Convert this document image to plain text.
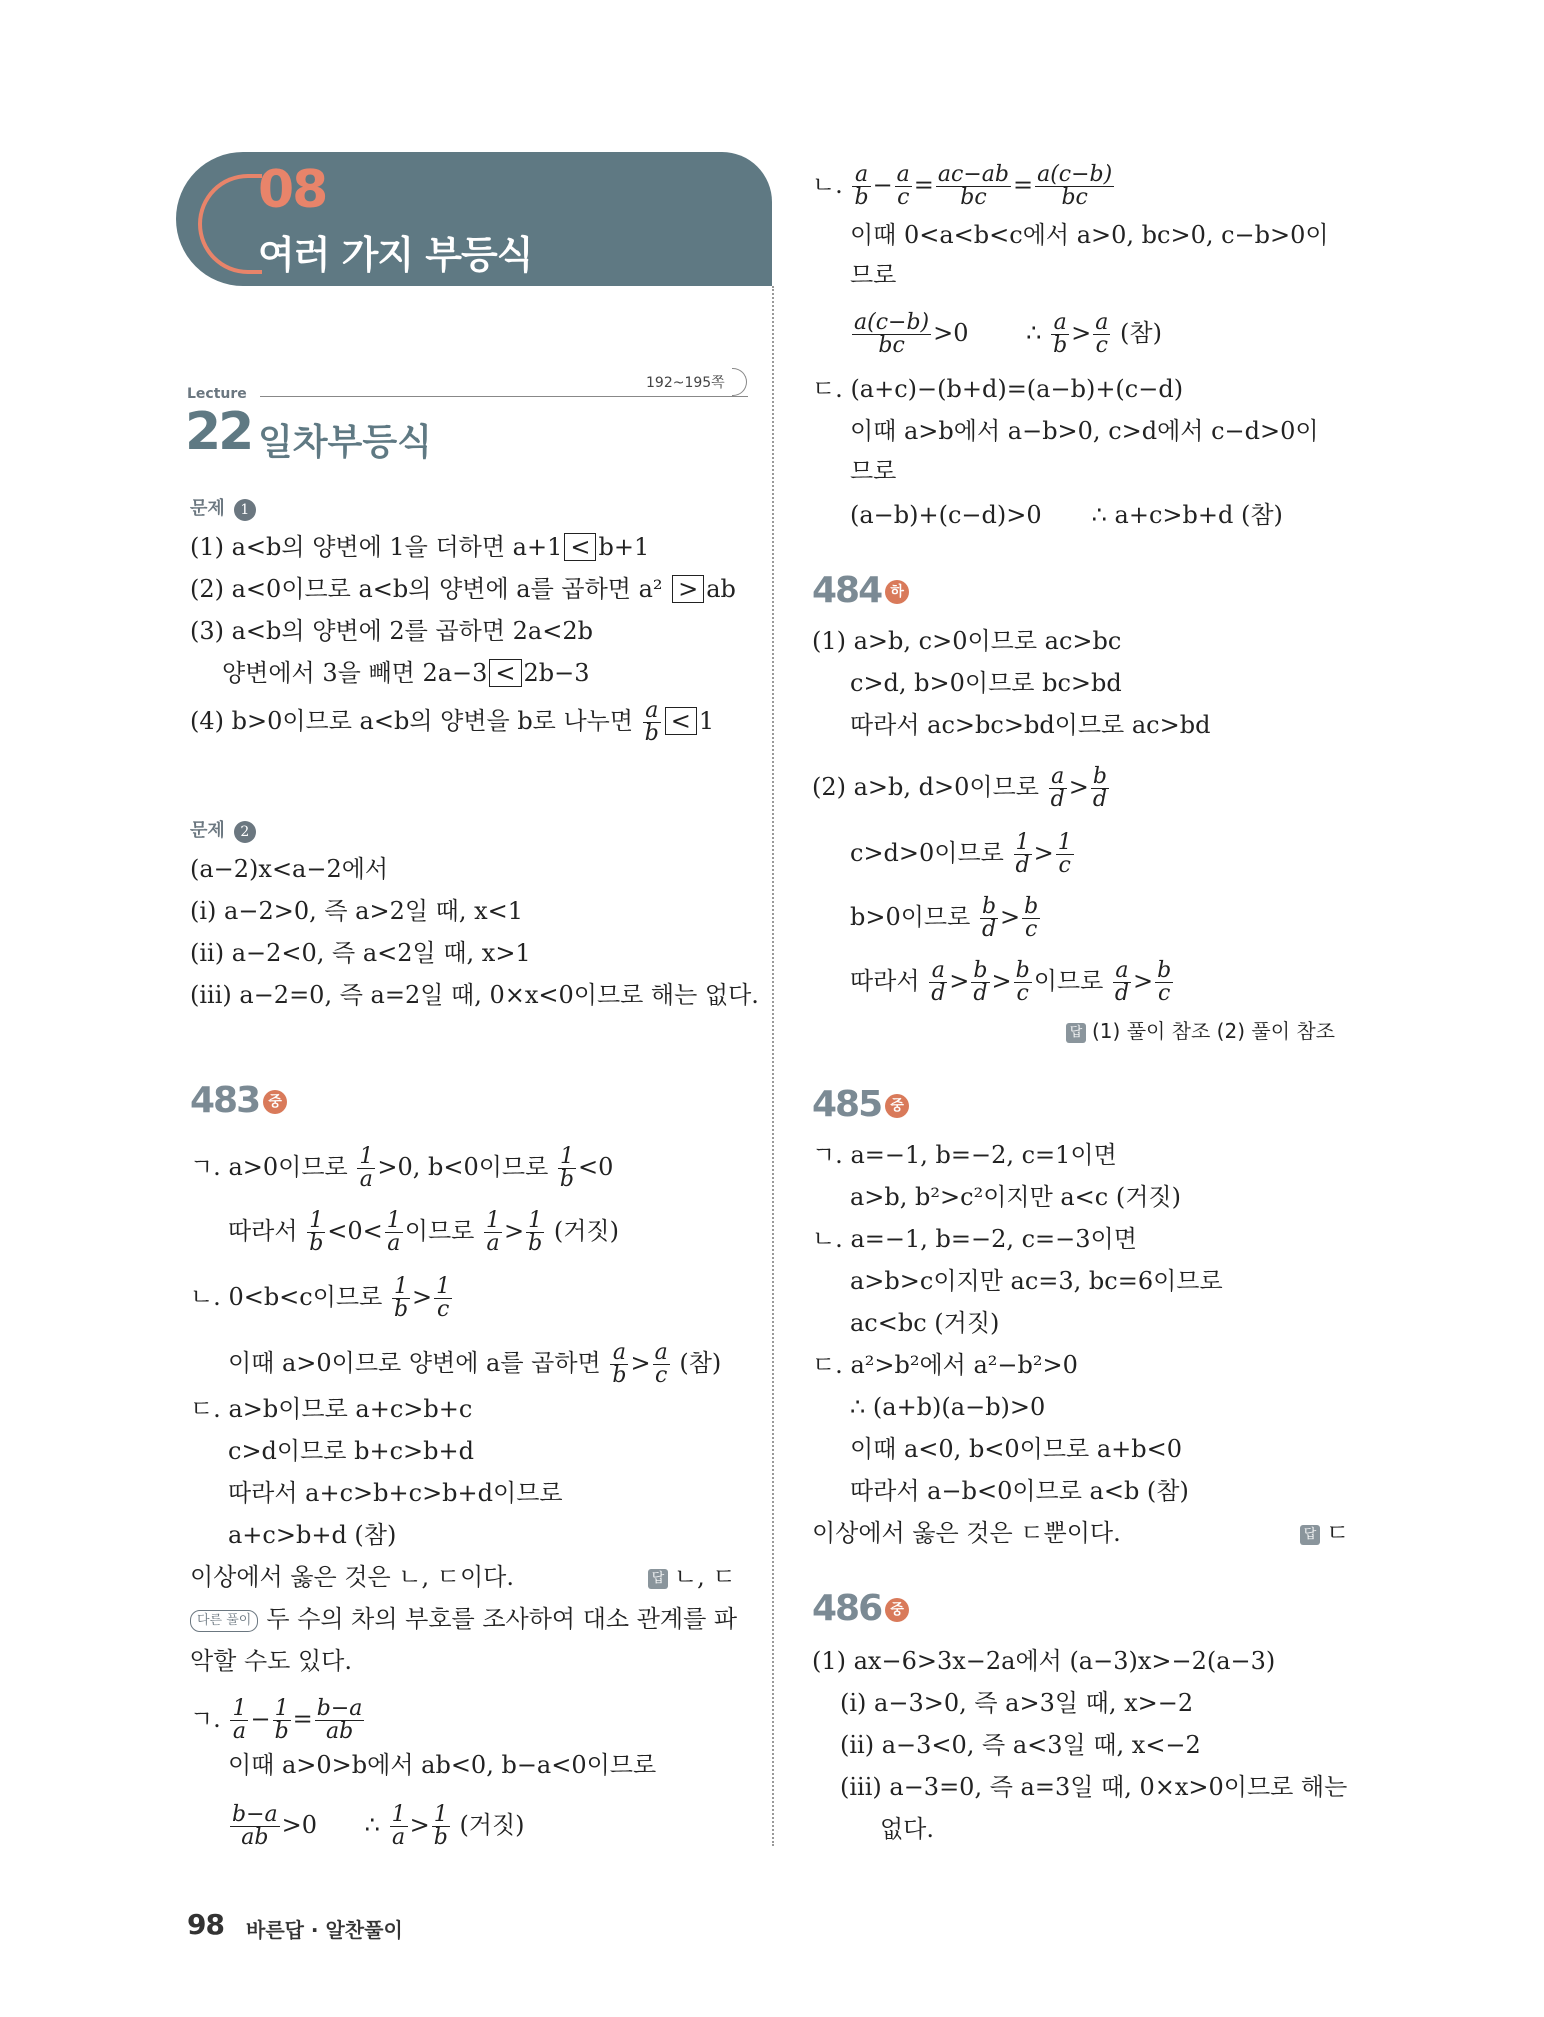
08
여러 가지 부등식
Lecture
192~195쪽
22 일차부등식
문제 1
(1) a<b의 양변에 1을 더하면 a+1 < b+1
(2) a<0이므로 a<b의 양변에 a를 곱하면 a² > ab
(3) a<b의 양변에 2를 곱하면 2a<2b
양변에서 3을 빼면 2a−3 < 2b−3
(4) b>0이므로 a<b의 양변을 b로 나누면 $\frac{a}{b} < 1$
문제 2
(a−2)x<a−2에서
(i) a−2>0, 즉 a>2일 때, x<1
(ii) a−2<0, 즉 a<2일 때, x>1
(iii) a−2=0, 즉 a=2일 때, 0×x<0이므로 해는 없다.
483 중
ㄱ. a>0이므로 $\frac{1}{a} >0$, b<0이므로 $\frac{1}{b} <0$
따라서 $\frac{1}{b} <0< \frac{1}{a}$ 이므로 $\frac{1}{a} > \frac{1}{b}$ (거짓)
ㄴ. 0<b<c이므로 $\frac{1}{b} > \frac{1}{c}$
이때 a>0이므로 양변에 a를 곱하면 $\frac{a}{b} > \frac{a}{c}$ (참)
ㄷ. a>b이므로 a+c>b+c
c>d이므로 b+c>b+d
따라서 a+c>b+c>b+d이므로
a+c>b+d (참)
이상에서 옳은 것은 ㄴ, ㄷ이다.	답 ㄴ, ㄷ
다른 풀이 두 수의 차의 부호를 조사하여 대소 관계를 파
악할 수도 있다.
ㄱ. $\frac{1}{a} - \frac{1}{b} = \frac{b-a}{ab}$
이때 a>0>b에서 ab<0, b−a<0이므로
$\frac{b-a}{ab} >0$ ∴ $\frac{1}{a} > \frac{1}{b}$ (거짓)
ㄴ. $\frac{a}{b} - \frac{a}{c} = \frac{ac-ab}{bc} = \frac{a(c-b)}{bc}$
이때 0<a<b<c에서 a>0, bc>0, c−b>0이
므로
$\frac{a(c-b)}{bc} >0$ ∴ $\frac{a}{b} > \frac{a}{c}$ (참)
ㄷ. (a+c)−(b+d)=(a−b)+(c−d)
이때 a>b에서 a−b>0, c>d에서 c−d>0이
므로
(a−b)+(c−d)>0 ∴ a+c>b+d (참)
484 하
(1) a>b, c>0이므로 ac>bc
c>d, b>0이므로 bc>bd
따라서 ac>bc>bd이므로 ac>bd
(2) a>b, d>0이므로 $\frac{a}{d} > \frac{b}{d}$
c>d>0이므로 $\frac{1}{d} > \frac{1}{c}$
b>0이므로 $\frac{b}{d} > \frac{b}{c}$
따라서 $\frac{a}{d} > \frac{b}{d} > \frac{b}{c}$ 이므로 $\frac{a}{d} > \frac{b}{c}$
답 (1) 풀이 참조 (2) 풀이 참조
485 중
ㄱ. a=−1, b=−2, c=1이면
a>b, b²>c²이지만 a<c (거짓)
ㄴ. a=−1, b=−2, c=−3이면
a>b>c이지만 ac=3, bc=6이므로
ac<bc (거짓)
ㄷ. a²>b²에서 a²−b²>0
∴ (a+b)(a−b)>0
이때 a<0, b<0이므로 a+b<0
따라서 a−b<0이므로 a<b (참)
이상에서 옳은 것은 ㄷ뿐이다.	답 ㄷ
486 중
(1) ax−6>3x−2a에서 (a−3)x>−2(a−3)
(i) a−3>0, 즉 a>3일 때, x>−2
(ii) a−3<0, 즉 a<3일 때, x<−2
(iii) a−3=0, 즉 a=3일 때, 0×x>0이므로 해는
없다.
98 바른답 · 알찬풀이
